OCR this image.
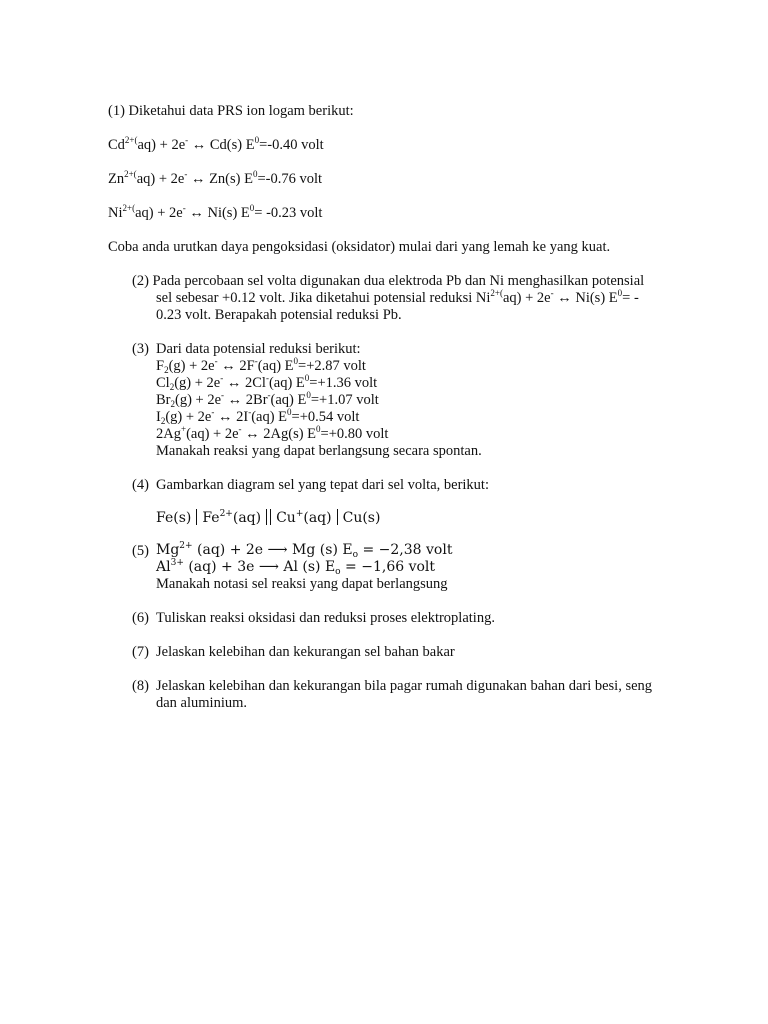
(1) Diketahui data PRS ion logam berikut:
$Cd^{2+(}aq) + 2e^-$ ↔ Cd(s) $E^0=-0.40$ volt
$Zn^{2+(}aq) + 2e^-$ ↔ Zn(s) $E^0=-0.76$ volt
$Ni^{2+(}aq) + 2e^-$ ↔ Ni(s) $E^0= -0.23$ volt
Coba anda urutkan daya pengoksidasi (oksidator) mulai dari yang lemah ke yang kuat.
(2) Pada percobaan sel volta digunakan dua elektroda Pb dan Ni menghasilkan potensial
sel sebesar +0.12 volt. Jika diketahui potensial reduksi $Ni^{2+(}aq) + 2e^-$ ↔ Ni(s) $E^0=$ -
0.23 volt. Berapakah potensial reduksi Pb.
(3) Dari data potensial reduksi berikut:
$F_2(g) + 2e^-$ ↔ 2F-(aq) $E^0=+2.87$ volt
$Cl_2(g) + 2e^-$ ↔ 2Cl-(aq) $E^0=+1.36$ volt
$Br_2(g) + 2e^-$ ↔ 2Br-(aq) $E^0=+1.07$ volt
$I_2(g) + 2e^-$ ↔ 2I-(aq) $E^0=+0.54$ volt
2Ag+(aq) + 2e- ↔ 2Ag(s) $E^0=+0.80$ volt
Manakah reaksi yang dapat berlangsung secara spontan.
(4) Gambarkan diagram sel yang tepat dari sel volta, berikut:
Fe(s) $Fe^{2+}(aq)$ Cu+(aq) Cu(s)
(5) $Mg^{2+}$ (aq) + 2e ⟶ Mg (s) $E_o = -2,38$ volt
$Al^{3+}$ (aq) + 3e ⟶ Al (s) $E_o = -1,66$ volt
Manakah notasi sel reaksi yang dapat berlangsung
(6) Tuliskan reaksi oksidasi dan reduksi proses elektroplating.
(7) Jelaskan kelebihan dan kekurangan sel bahan bakar
(8) Jelaskan kelebihan dan kekurangan bila pagar rumah digunakan bahan dari besi, seng
dan aluminium.
